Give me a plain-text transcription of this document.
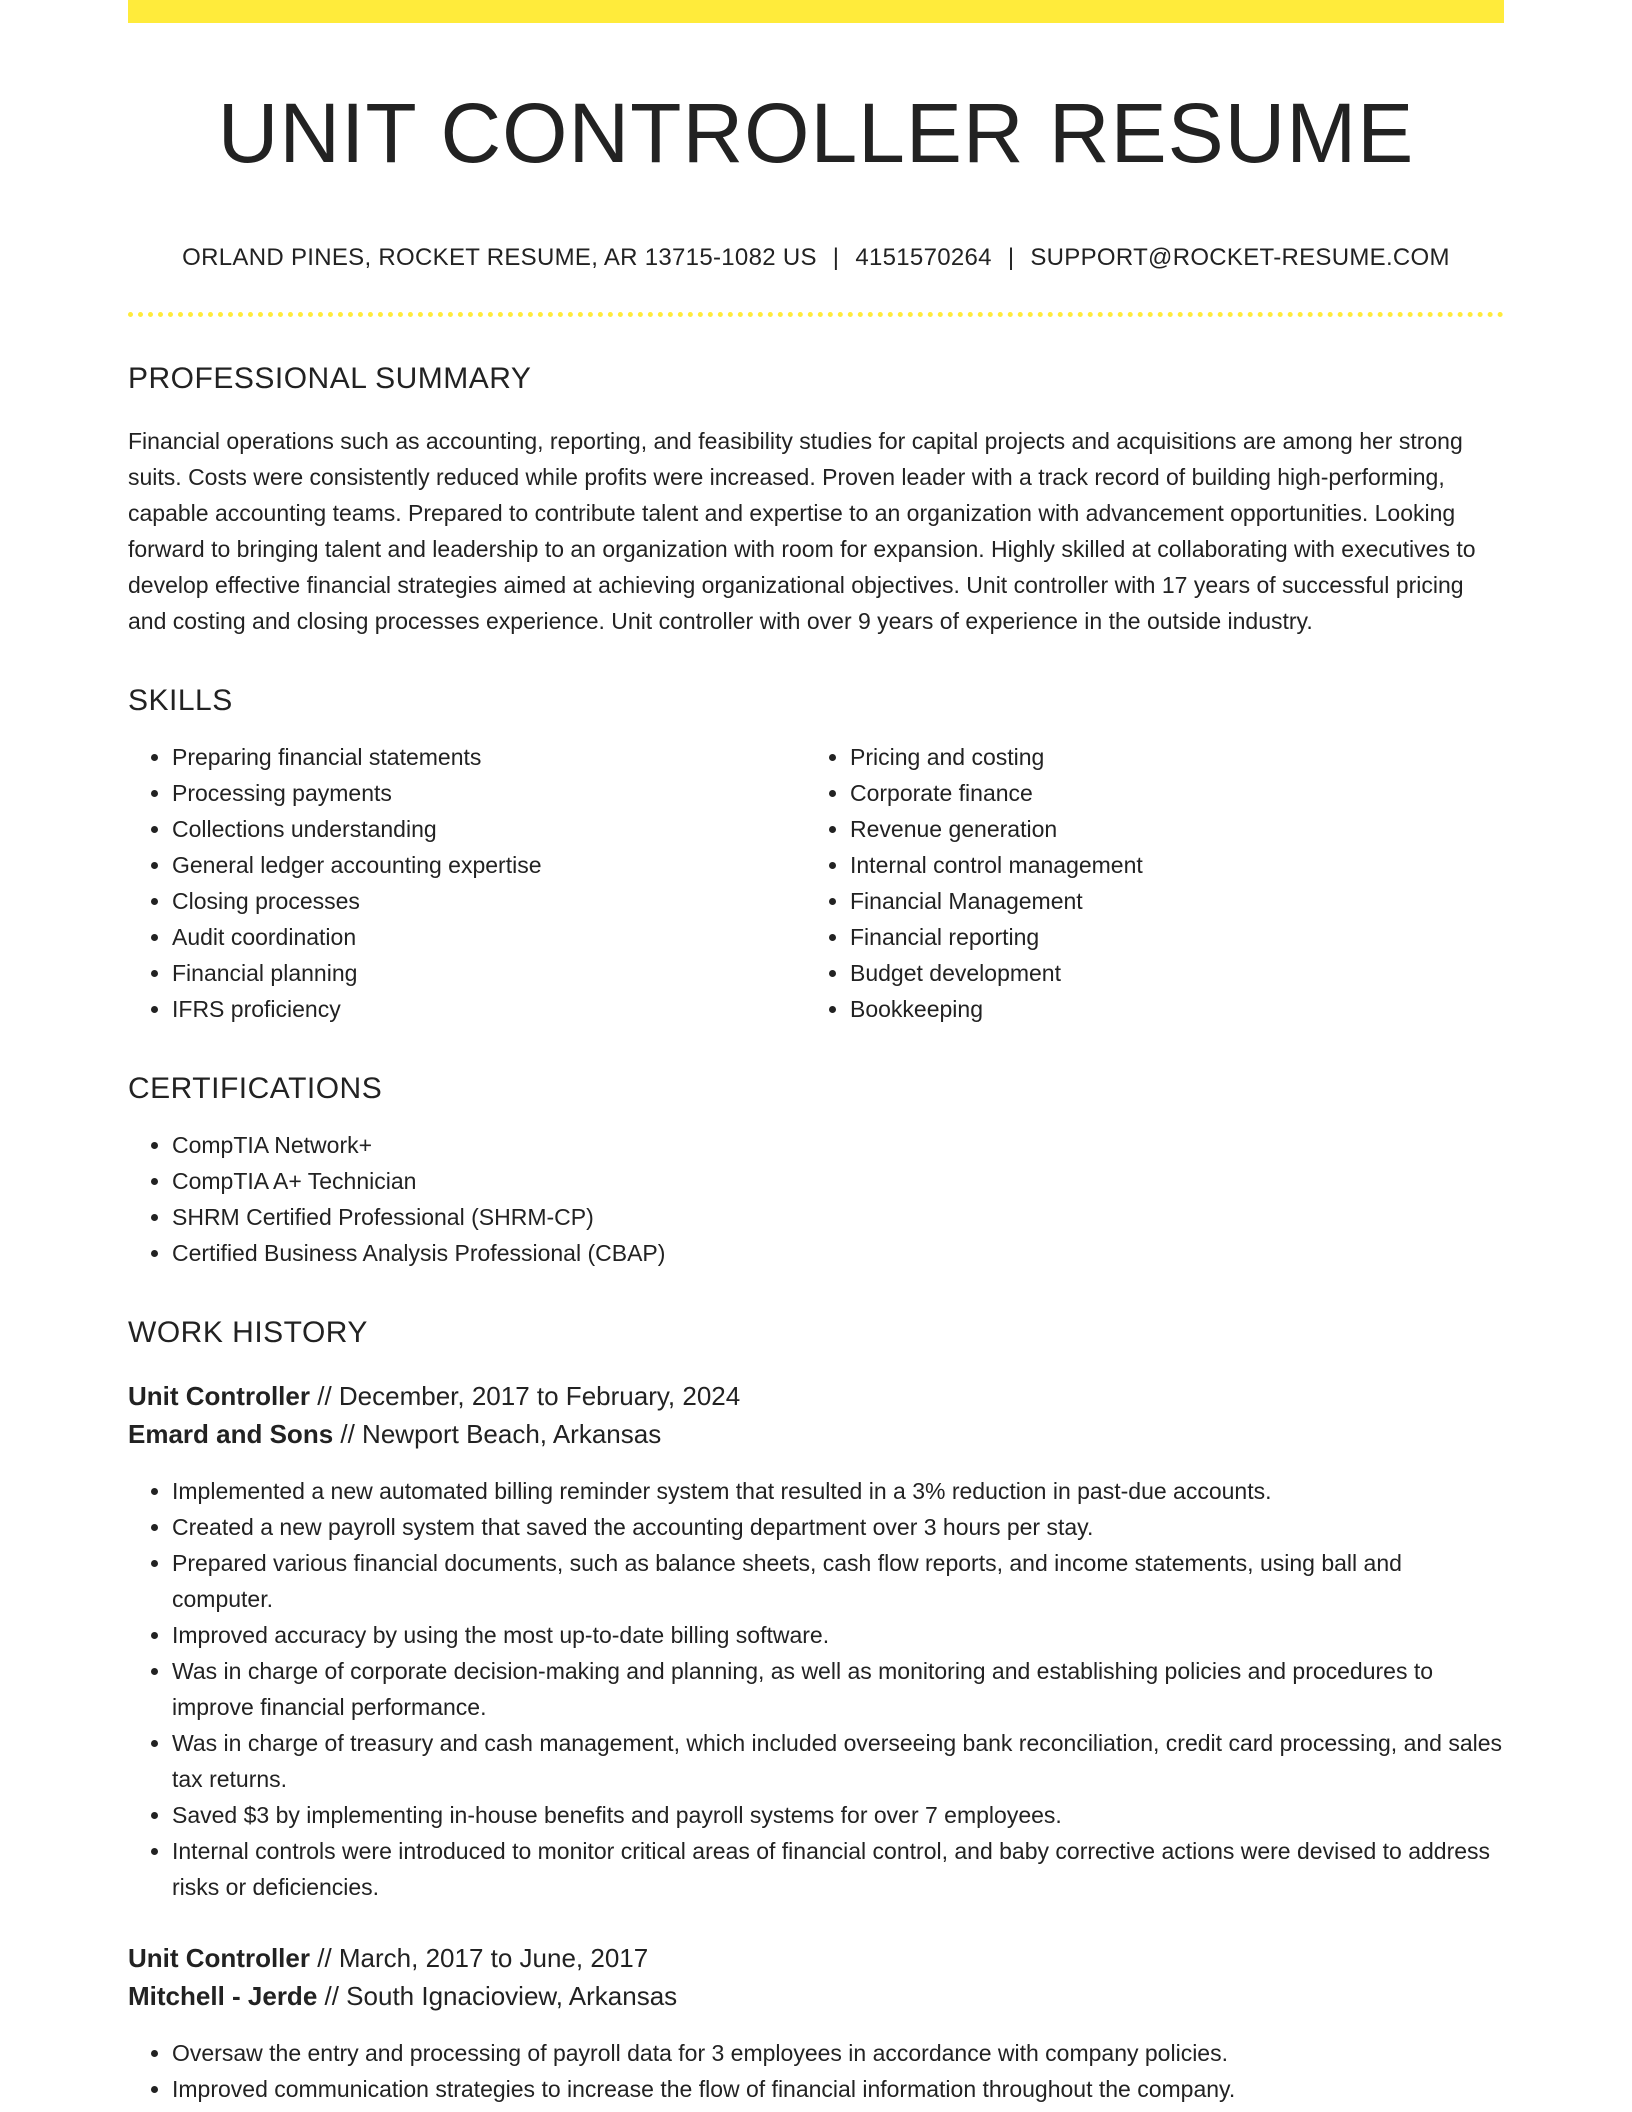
UNIT CONTROLLER RESUME
ORLAND PINES, ROCKET RESUME, AR 13715-1082 US | 4151570264 | SUPPORT@ROCKET-RESUME.COM
PROFESSIONAL SUMMARY

Financial operations such as accounting, reporting, and feasibility studies for capital projects and acquisitions are among her strong suits. Costs were consistently reduced while profits were increased. Proven leader with a track record of building high-performing, capable accounting teams. Prepared to contribute talent and expertise to an organization with advancement opportunities. Looking forward to bringing talent and leadership to an organization with room for expansion. Highly skilled at collaborating with executives to develop effective financial strategies aimed at achieving organizational objectives. Unit controller with 17 years of successful pricing and costing and closing processes experience. Unit controller with over 9 years of experience in the outside industry.

SKILLS
• Preparing financial statements
• Processing payments
• Collections understanding
• General ledger accounting expertise
• Closing processes
• Audit coordination
• Financial planning
• IFRS proficiency
• Pricing and costing
• Corporate finance
• Revenue generation
• Internal control management
• Financial Management
• Financial reporting
• Budget development
• Bookkeeping
CERTIFICATIONS
• CompTIA Network+
• CompTIA A+ Technician
• SHRM Certified Professional (SHRM-CP)
• Certified Business Analysis Professional (CBAP)
WORK HISTORY
Unit Controller // December, 2017 to February, 2024
Emard and Sons // Newport Beach, Arkansas
• Implemented a new automated billing reminder system that resulted in a 3% reduction in past-due accounts.
• Created a new payroll system that saved the accounting department over 3 hours per stay.
• Prepared various financial documents, such as balance sheets, cash flow reports, and income statements, using ball and computer.
• Improved accuracy by using the most up-to-date billing software.
• Was in charge of corporate decision-making and planning, as well as monitoring and establishing policies and procedures to improve financial performance.
• Was in charge of treasury and cash management, which included overseeing bank reconciliation, credit card processing, and sales tax returns.
• Saved $3 by implementing in-house benefits and payroll systems for over 7 employees.
• Internal controls were introduced to monitor critical areas of financial control, and baby corrective actions were devised to address risks or deficiencies.
Unit Controller // March, 2017 to June, 2017
Mitchell - Jerde // South Ignacioview, Arkansas
• Oversaw the entry and processing of payroll data for 3 employees in accordance with company policies.
• Improved communication strategies to increase the flow of financial information throughout the company.
